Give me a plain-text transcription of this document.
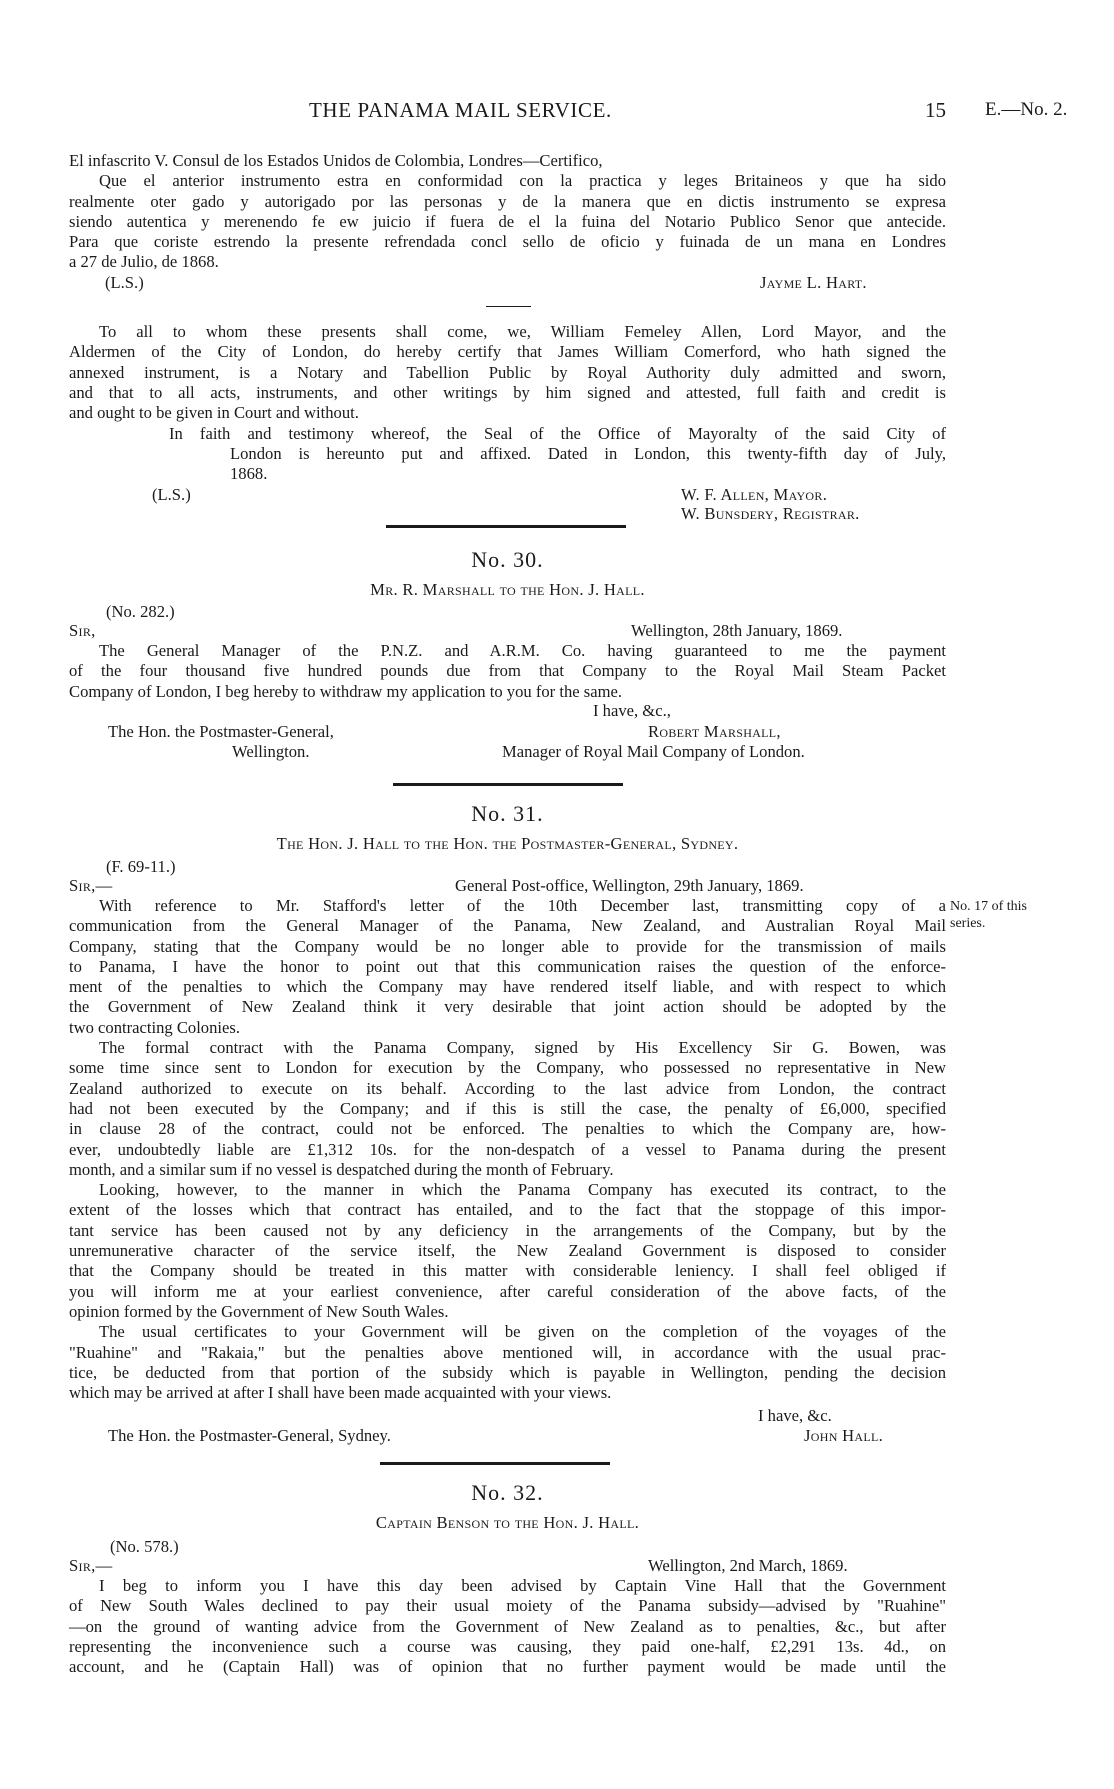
THE PANAMA MAIL SERVICE.	15 E.—No. 2.

El infascrito V. Consul de los Estados Unidos de Colombia, Londres—Certifico,

Que el anterior instrumento estra en conformidad con la practica y leges Britaineos y que ha sido

realmente oter gado y autorigado por las personas y de la manera que en dictis instrumento se expresa

siendo autentica y merenendo fe ew juicio if fuera de el la fuina del Notario Publico Senor que antecide.

Para que coriste estrendo la presente refrendada concl sello de oficio y fuinada de un mana en Londres

a 27 de Julio, de 1868.

(L.S.)	Jayme L. Hart.

To all to whom these presents shall come, we, William Femeley Allen, Lord Mayor, and the

Aldermen of the City of London, do hereby certify that James William Comerford, who hath signed the

annexed instrument, is a Notary and Tabellion Public by Royal Authority duly admitted and sworn,

and that to all acts, instruments, and other writings by him signed and attested, full faith and credit is

and ought to be given in Court and without.

In faith and testimony whereof, the Seal of the Office of Mayoralty of the said City of
London is hereunto put and affixed. Dated in London, this twenty-fifth day of July,
1868.
(L.S.)	W. F. Allen, Mayor.
W. Bunsdery, Registrar.
No. 30.
Mr. R. Marshall to the Hon. J. Hall.
(No. 282.)
Sir,	Wellington, 28th January, 1869.

The General Manager of the P.N.Z. and A.R.M. Co. having guaranteed to me the payment

of the four thousand five hundred pounds due from that Company to the Royal Mail Steam Packet

Company of London, I beg hereby to withdraw my application to you for the same.

I have, &c.,
The Hon. the Postmaster-General,
Wellington.
Robert Marshall,
Manager of Royal Mail Company of London.
No. 31.
The Hon. J. Hall to the Hon. the Postmaster-General, Sydney.
(F. 69-11.)
Sir,—	General Post-office, Wellington, 29th January, 1869.
No. 17 of this
series.

With reference to Mr. Stafford's letter of the 10th December last, transmitting copy of a

communication from the General Manager of the Panama, New Zealand, and Australian Royal Mail

Company, stating that the Company would be no longer able to provide for the transmission of mails

to Panama, I have the honor to point out that this communication raises the question of the enforce-

ment of the penalties to which the Company may have rendered itself liable, and with respect to which

the Government of New Zealand think it very desirable that joint action should be adopted by the

two contracting Colonies.

The formal contract with the Panama Company, signed by His Excellency Sir G. Bowen, was

some time since sent to London for execution by the Company, who possessed no representative in New

Zealand authorized to execute on its behalf. According to the last advice from London, the contract

had not been executed by the Company; and if this is still the case, the penalty of £6,000, specified

in clause 28 of the contract, could not be enforced. The penalties to which the Company are, how-

ever, undoubtedly liable are £1,312 10s. for the non-despatch of a vessel to Panama during the present

month, and a similar sum if no vessel is despatched during the month of February.

Looking, however, to the manner in which the Panama Company has executed its contract, to the

extent of the losses which that contract has entailed, and to the fact that the stoppage of this impor-

tant service has been caused not by any deficiency in the arrangements of the Company, but by the

unremunerative character of the service itself, the New Zealand Government is disposed to consider

that the Company should be treated in this matter with considerable leniency. I shall feel obliged if

you will inform me at your earliest convenience, after careful consideration of the above facts, of the

opinion formed by the Government of New South Wales.

The usual certificates to your Government will be given on the completion of the voyages of the

"Ruahine" and "Rakaia," but the penalties above mentioned will, in accordance with the usual prac-

tice, be deducted from that portion of the subsidy which is payable in Wellington, pending the decision

which may be arrived at after I shall have been made acquainted with your views.

I have, &c.
The Hon. the Postmaster-General, Sydney.	John Hall.
No. 32.
Captain Benson to the Hon. J. Hall.
(No. 578.)
Sir,—	Wellington, 2nd March, 1869.

I beg to inform you I have this day been advised by Captain Vine Hall that the Government

of New South Wales declined to pay their usual moiety of the Panama subsidy—advised by "Ruahine"

—on the ground of wanting advice from the Government of New Zealand as to penalties, &c., but after

representing the inconvenience such a course was causing, they paid one-half, £2,291 13s. 4d., on

account, and he (Captain Hall) was of opinion that no further payment would be made until the
